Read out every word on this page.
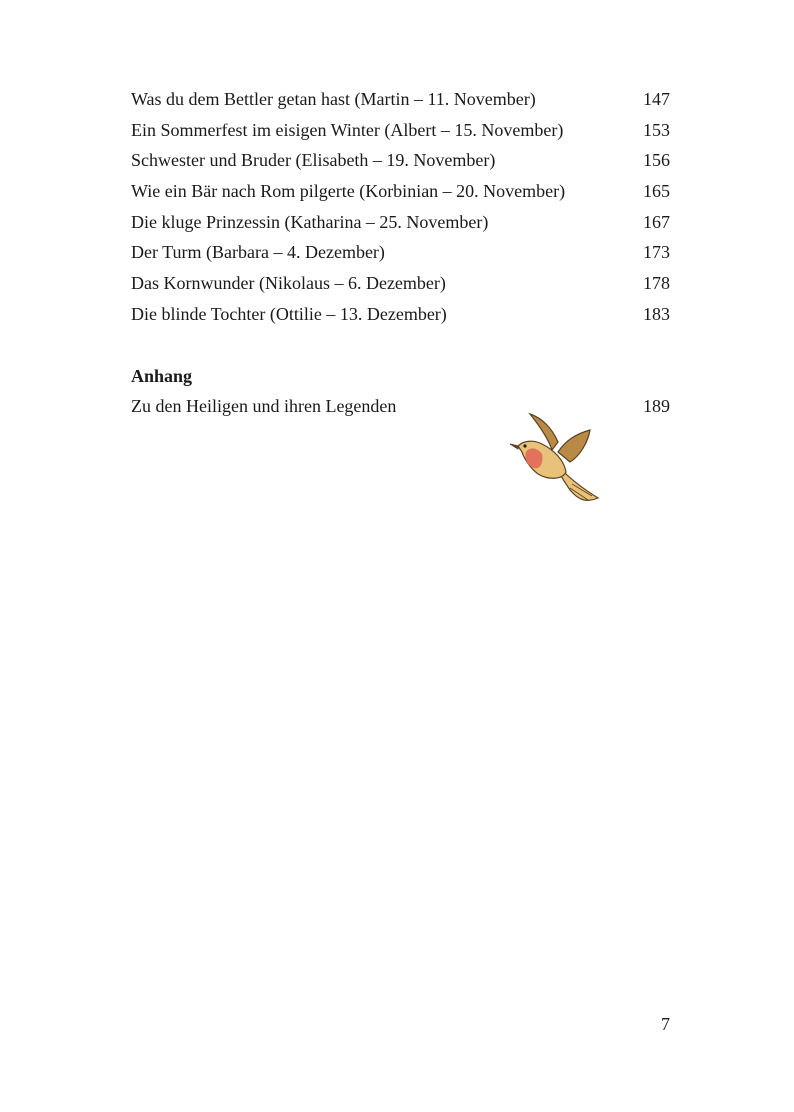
Was du dem Bettler getan hast (Martin – 11. November)	147
Ein Sommerfest im eisigen Winter (Albert – 15. November)	153
Schwester und Bruder (Elisabeth – 19. November)	156
Wie ein Bär nach Rom pilgerte (Korbinian – 20. November)	165
Die kluge Prinzessin (Katharina – 25. November)	167
Der Turm (Barbara – 4. Dezember)	173
Das Kornwunder (Nikolaus – 6. Dezember)	178
Die blinde Tochter (Ottilie – 13. Dezember)	183
Anhang
Zu den Heiligen und ihren Legenden	189
7
